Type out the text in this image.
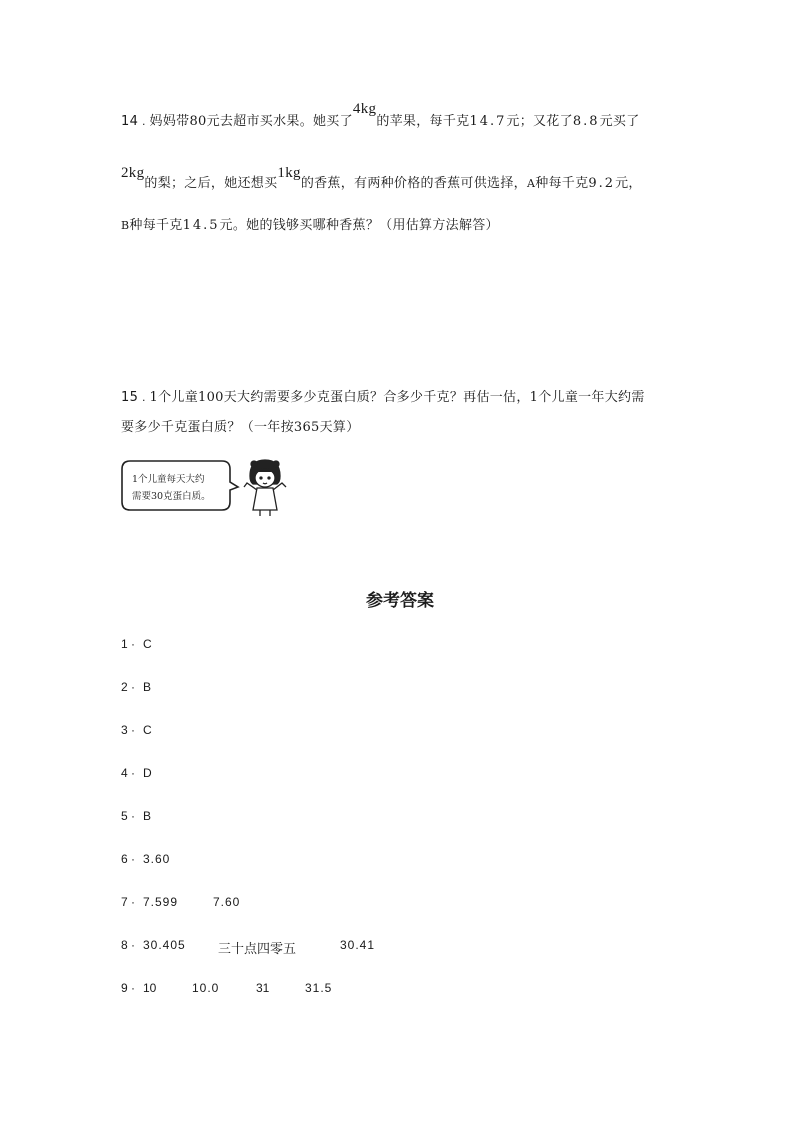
14 . 妈妈带80元去超市买水果。她买了4kg的苹果，每千克14.7元；又花了8.8元买了
2kg的梨；之后，她还想买1kg的香蕉，有两种价格的香蕉可供选择，A种每千克9.2元，
B种每千克14.5元。她的钱够买哪种香蕉？（用估算方法解答）
15 . 1个儿童100天大约需要多少克蛋白质？合多少千克？再估一估，1个儿童一年大约需
要多少千克蛋白质？（一年按365天算）
1个儿童每天大约
需要30克蛋白质。
参考答案
1 · C
2 · B
3 · C
4 · D
5 · B
6 · 3.60
7 · 7.599	7.60
8 · 30.405 三十点四零五	30.41
9 · 10	10.0	31	31.5
